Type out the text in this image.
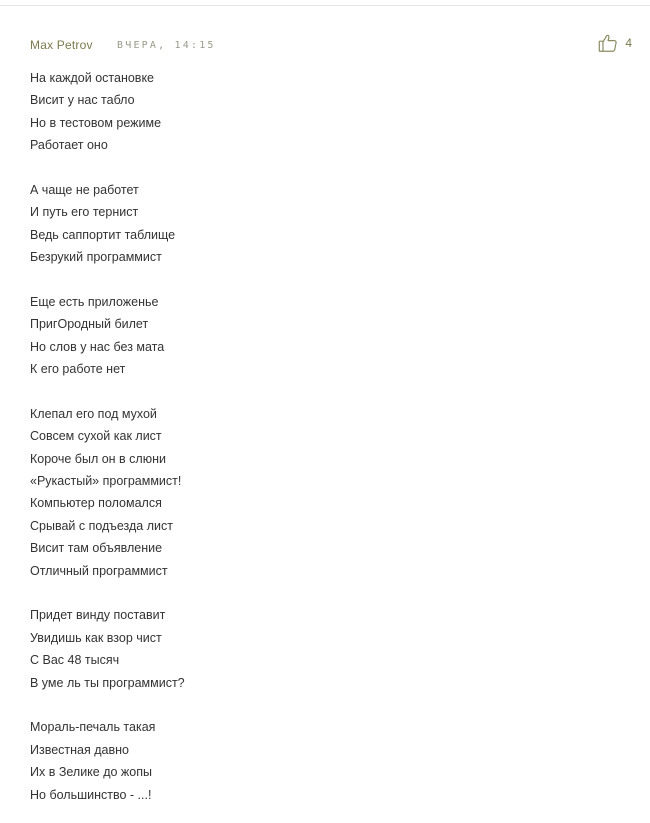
Max Petrov ВЧЕРА, 14:15	4
На каждой остановке
Висит у нас табло
Но в тестовом режиме
Работает оно
А чаще не работет
И путь его тернист
Ведь саппортит таблище
Безрукий программист
Еще есть приложенье
ПригОродный билет
Но слов у нас без мата
К его работе нет
Клепал его под мухой
Совсем сухой как лист
Короче был он в слюни
«Рукастый» программист!
Компьютер поломался
Срывай с подъезда лист
Висит там объявление
Отличный программист
Придет винду поставит
Увидишь как взор чист
С Вас 48 тысяч
В уме ль ты программист?
Мораль-печаль такая
Известная давно
Их в Зелике до жопы
Но большинство - ...!
